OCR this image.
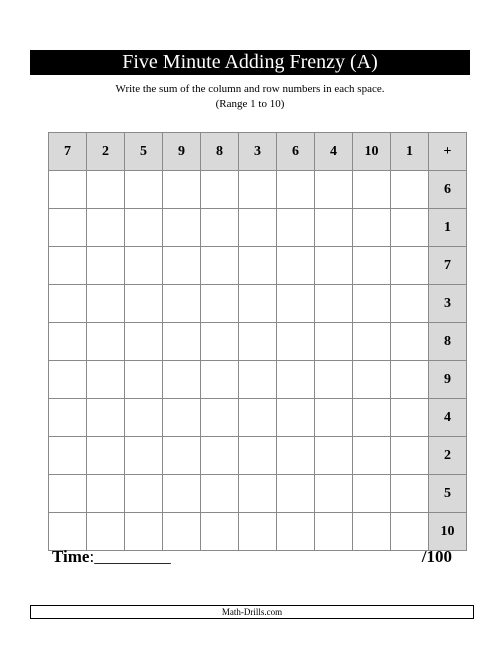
Five Minute Adding Frenzy (A)
Write the sum of the column and row numbers in each space.
(Range 1 to 10)
7	2	5	9	8	3	6	4	10	1	+
										6
										1
										7
										3
										8
										9
										4
										2
										5
										10
Time:_________	/100
Math-Drills.com
